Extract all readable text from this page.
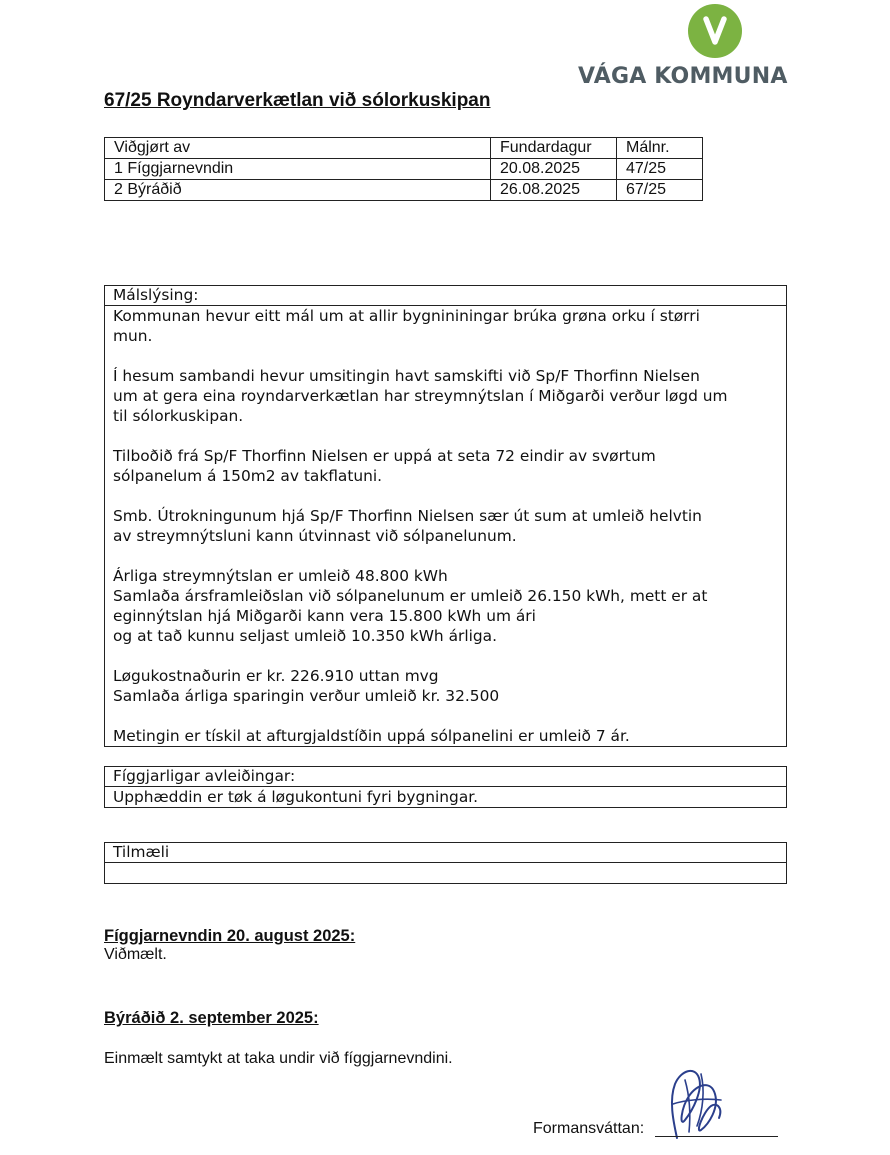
VÁGA KOMMUNA
67/25 Royndarverkætlan við sólorkuskipan
Viðgjørt av	Fundardagur	Málnr.
1 Fíggjarnevndin	20.08.2025	47/25
2 Býráðið	26.08.2025	67/25
Málslýsing:

Kommunan hevur eitt mál um at allir bygnininingar brúka grøna orku í størri

mun.

Í hesum sambandi hevur umsitingin havt samskifti við Sp/F Thorfinn Nielsen

um at gera eina royndarverkætlan har streymnýtslan í Miðgarði verður løgd um

til sólorkuskipan.

Tilboðið frá Sp/F Thorfinn Nielsen er uppá at seta 72 eindir av svørtum

sólpanelum á 150m2 av takflatuni.

Smb. Útrokningunum hjá Sp/F Thorfinn Nielsen sær út sum at umleið helvtin

av streymnýtsluni kann útvinnast við sólpanelunum.

Árliga streymnýtslan er umleið 48.800 kWh

Samlaða ársframleiðslan við sólpanelunum er umleið 26.150 kWh, mett er at

eginnýtslan hjá Miðgarði kann vera 15.800 kWh um ári

og at tað kunnu seljast umleið 10.350 kWh árliga.

Løgukostnaðurin er kr. 226.910 uttan mvg

Samlaða árliga sparingin verður umleið kr. 32.500

Metingin er tískil at afturgjaldstíðin uppá sólpanelini er umleið 7 ár.

Fíggjarligar avleiðingar:

Upphæddin er tøk á løgukontuni fyri bygningar.

Tilmæli

Fíggjarnevndin 20. august 2025:
Viðmælt.
Býráðið 2. september 2025:
Einmælt samtykt at taka undir við fíggjarnevndini.
Formansváttan:
